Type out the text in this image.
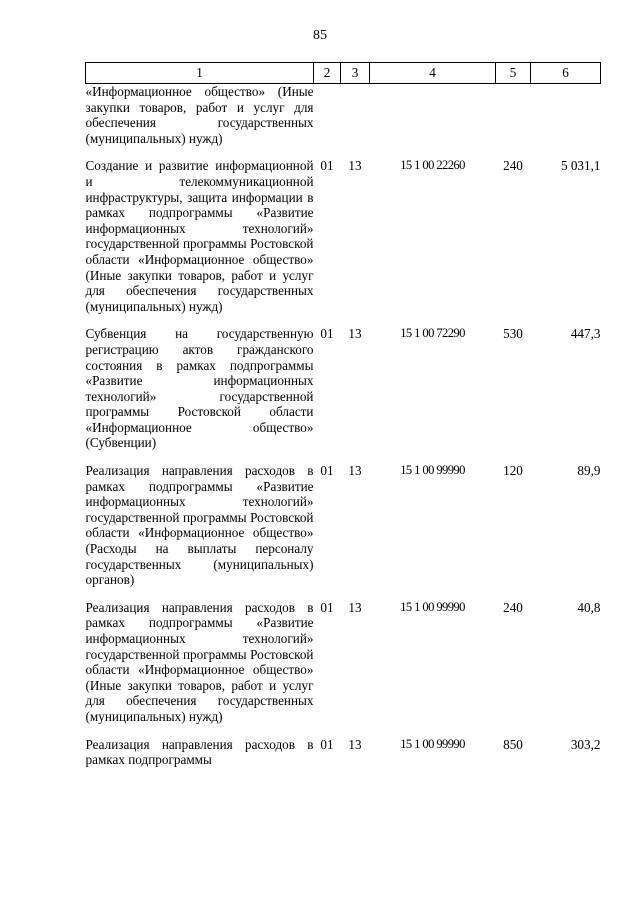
85
1	2	3	4	5	6
«Информационное общество» (Иные закупки товаров, работ и услуг для обеспечения государственных (муниципальных) нужд)					
Создание и развитие информационной и телекоммуникационной инфраструктуры, защита информации в рамках подпрограммы «Развитие информационных технологий» государственной программы Ростовской области «Информационное общество» (Иные закупки товаров, работ и услуг для обеспечения государственных (муниципальных) нужд)	01	13	15 1 00 22260	240	5 031,1
Субвенция на государственную регистрацию актов гражданского состояния в рамках подпрограммы «Развитие информационных технологий» государственной программы Ростовской области «Информационное общество» (Субвенции)	01	13	15 1 00 72290	530	447,3
Реализация направления расходов в рамках подпрограммы «Развитие информационных технологий» государственной программы Ростовской области «Информационное общество» (Расходы на выплаты персоналу государственных (муниципальных) органов)	01	13	15 1 00 99990	120	89,9
Реализация направления расходов в рамках подпрограммы «Развитие информационных технологий» государственной программы Ростовской области «Информационное общество» (Иные закупки товаров, работ и услуг для обеспечения государственных (муниципальных) нужд)	01	13	15 1 00 99990	240	40,8
Реализация направления расходов в рамках подпрограммы	01	13	15 1 00 99990	850	303,2
